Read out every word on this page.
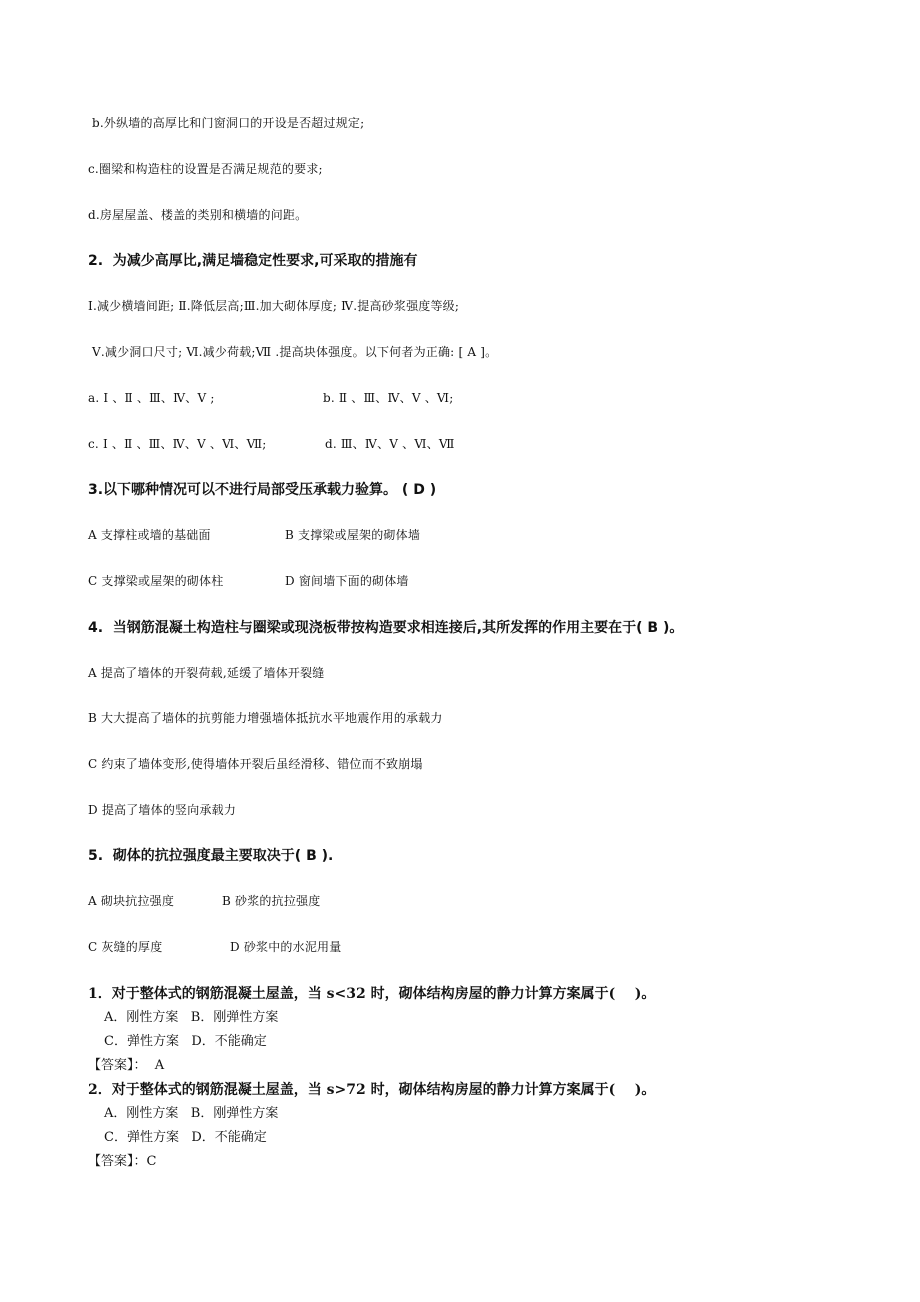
b.外纵墙的高厚比和门窗洞口的开设是否超过规定;
c.圈梁和构造柱的设置是否满足规范的要求;
d.房屋屋盖、楼盖的类别和横墙的问距。
2.  为减少高厚比,满足墙稳定性要求,可采取的措施有
Ⅰ.减少横墙间距; Ⅱ.降低层高;Ⅲ.加大砌体厚度; Ⅳ.提高砂浆强度等级;
Ⅴ.减少洞口尺寸; Ⅵ.减少荷载;Ⅶ .提高块体强度。以下何者为正确: [ A ]。
a. Ⅰ 、Ⅱ 、Ⅲ、Ⅳ、Ⅴ ;	b. Ⅱ 、Ⅲ、Ⅳ、Ⅴ 、Ⅵ;
c. Ⅰ 、Ⅱ 、Ⅲ、Ⅳ、Ⅴ 、Ⅵ、Ⅶ;	d. Ⅲ、Ⅳ、Ⅴ 、Ⅵ、Ⅶ
3.以下哪种情况可以不进行局部受压承载力验算。 ( D )
A 支撑柱或墙的基础面	B 支撑梁或屋架的砌体墙
C 支撑梁或屋架的砌体柱	D 窗间墙下面的砌体墙
4.  当钢筋混凝土构造柱与圈梁或现浇板带按构造要求相连接后,其所发挥的作用主要在于( B )。
A 提高了墙体的开裂荷载,延缓了墙体开裂缝
B 大大提高了墙体的抗剪能力增强墙体抵抗水平地震作用的承载力
C 约束了墙体变形,使得墙体开裂后虽经滑移、错位而不致崩塌
D 提高了墙体的竖向承载力
5.  砌体的抗拉强度最主要取决于( B ).
A 砌块抗拉强度	B 砂浆的抗拉强度
C 灰缝的厚度	D 砂浆中的水泥用量
1．对于整体式的钢筋混凝土屋盖，当 s<32 时，砌体结构房屋的静力计算方案属于(    )。
A．刚性方案   B．刚弹性方案
C．弹性方案   D．不能确定
【答案】：  A
2．对于整体式的钢筋混凝土屋盖，当 s>72 时，砌体结构房屋的静力计算方案属于(    )。
A．刚性方案   B．刚弹性方案
C．弹性方案   D．不能确定
【答案】：C
